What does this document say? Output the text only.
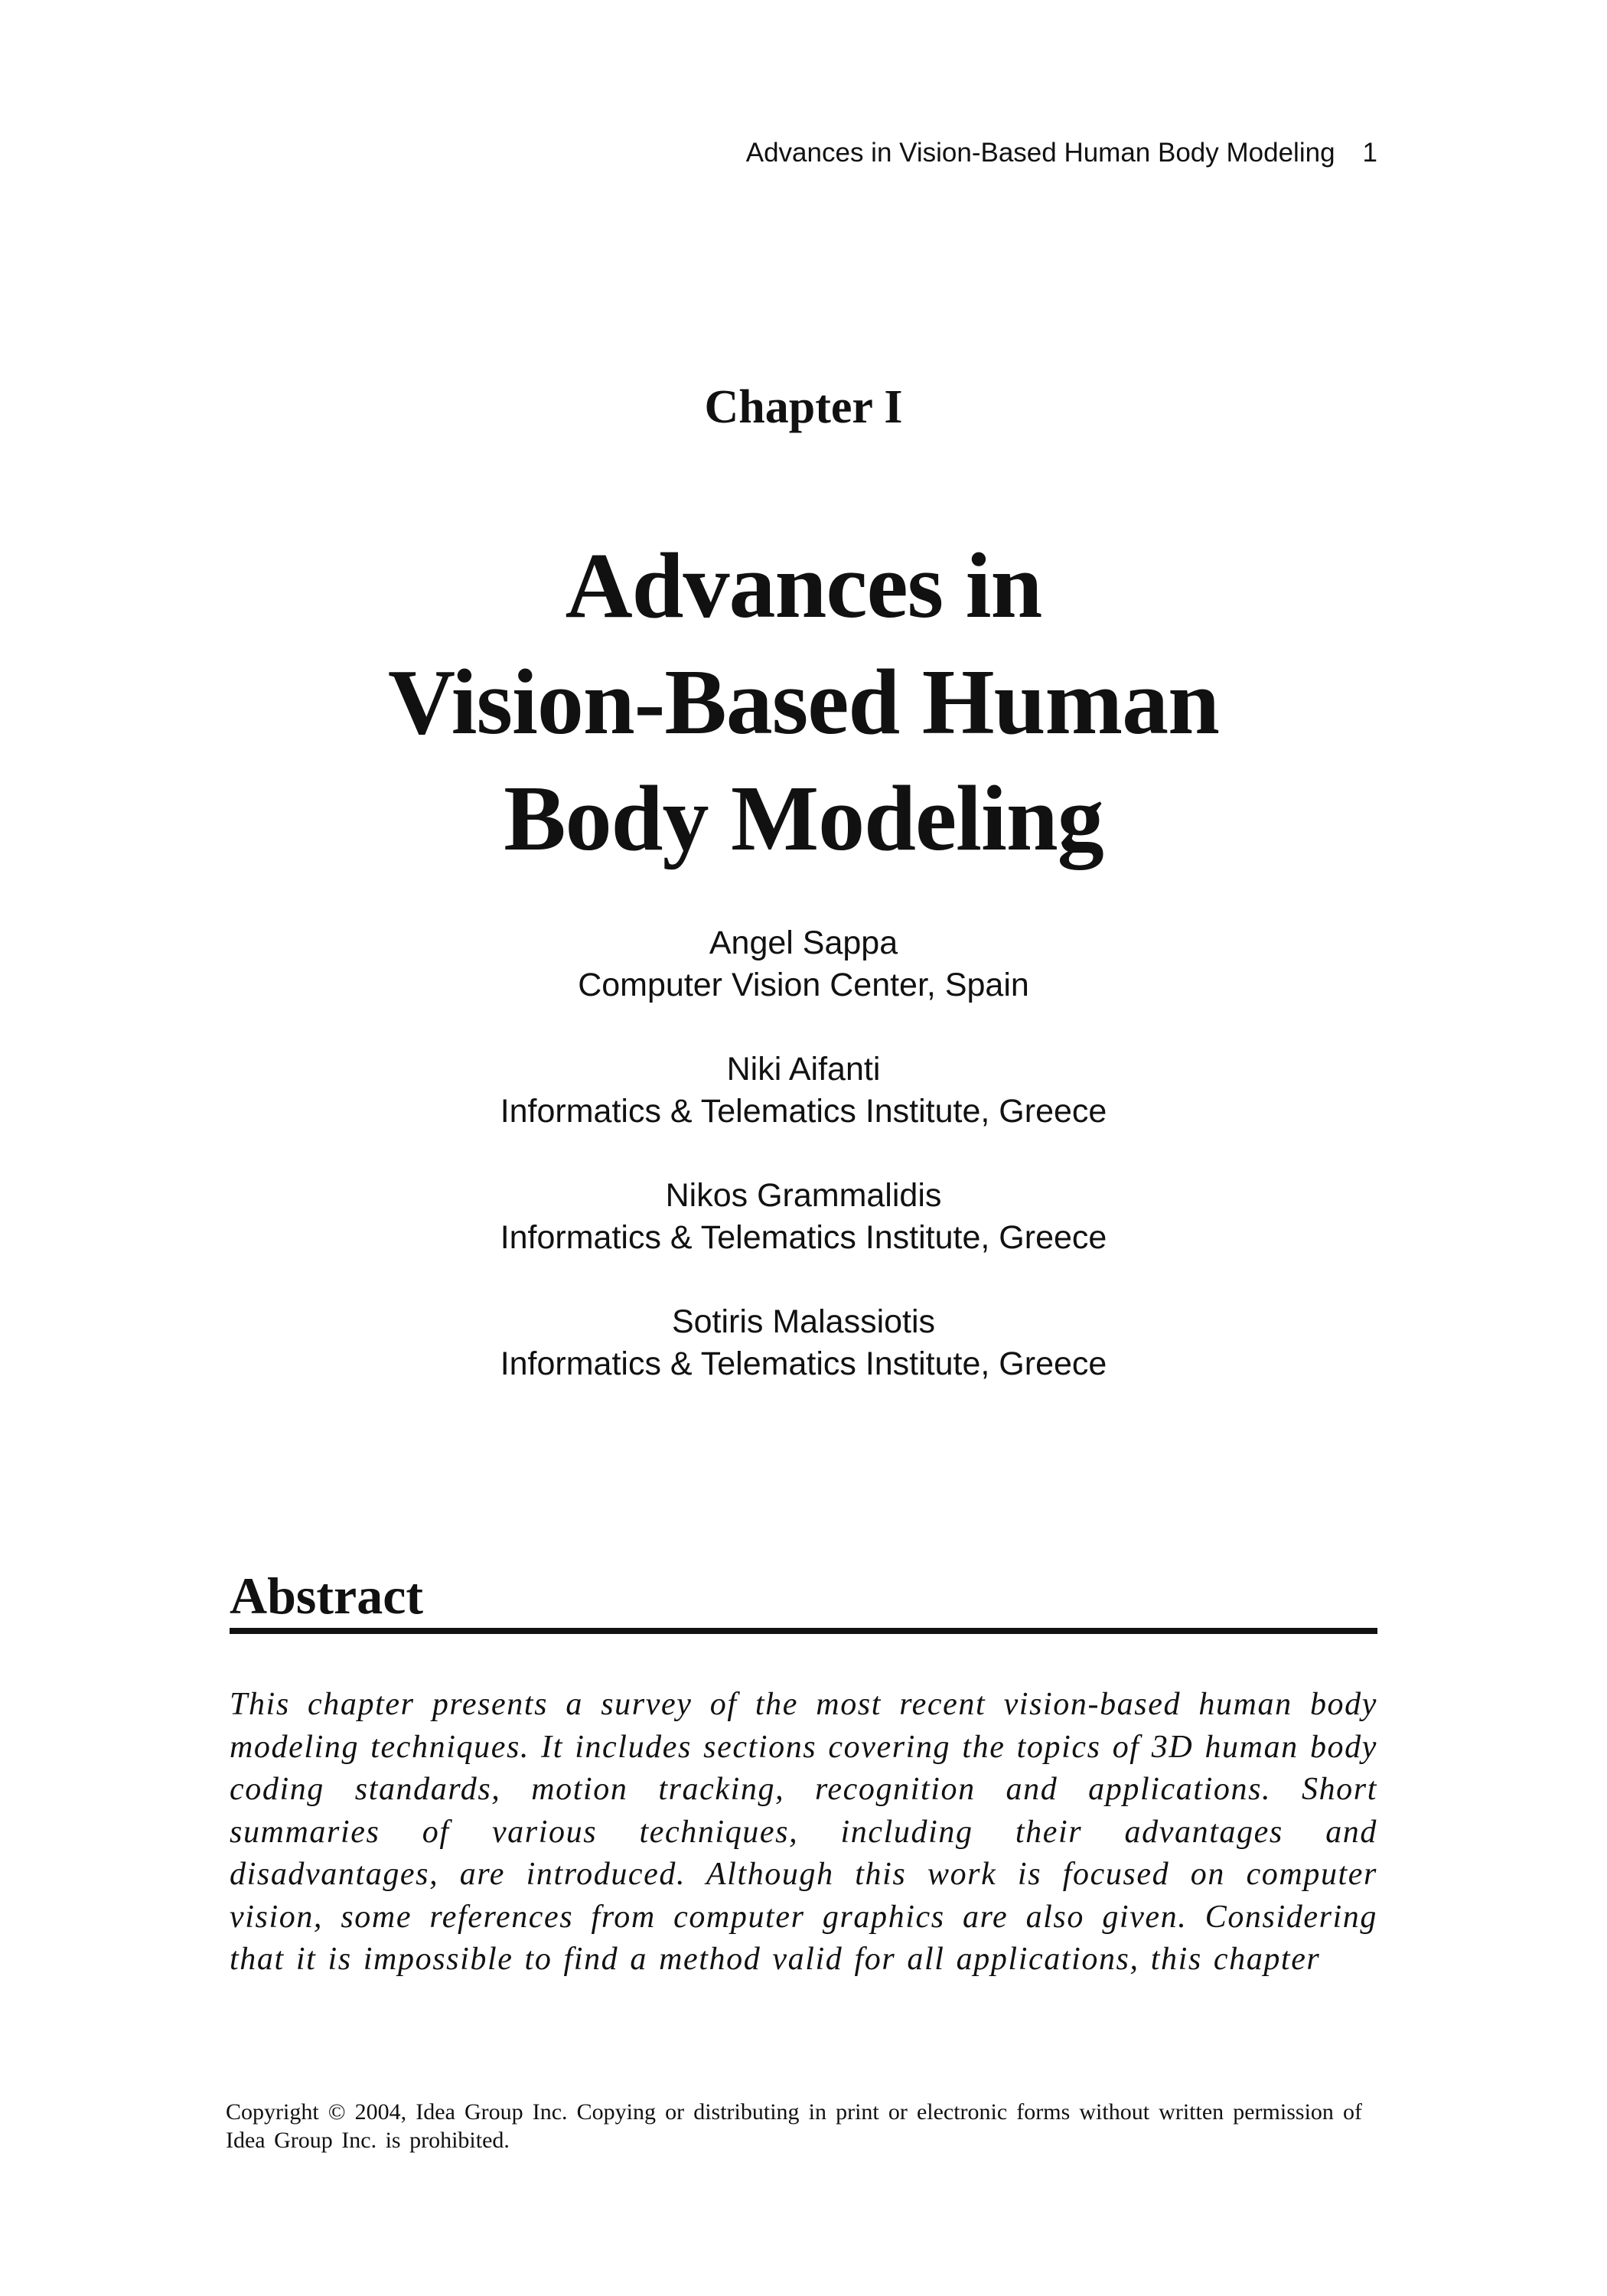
Advances in Vision-Based Human Body Modeling 1
Chapter I
Advances in
Vision-Based Human
Body Modeling
Angel Sappa
Computer Vision Center, Spain
Niki Aifanti
Informatics & Telematics Institute, Greece
Nikos Grammalidis
Informatics & Telematics Institute, Greece
Sotiris Malassiotis
Informatics & Telematics Institute, Greece
Abstract

This chapter presents a survey of the most recent vision-based human body modeling techniques. It includes sections covering the topics of 3D human body coding standards, motion tracking, recognition and applications. Short summaries of various techniques, including their advantages and disadvantages, are introduced. Although this work is focused on computer vision, some references from computer graphics are also given. Considering that it is impossible to find a method valid for all applications, this chapter

Copyright © 2004, Idea Group Inc. Copying or distributing in print or electronic forms without written permission of Idea Group Inc. is prohibited.
